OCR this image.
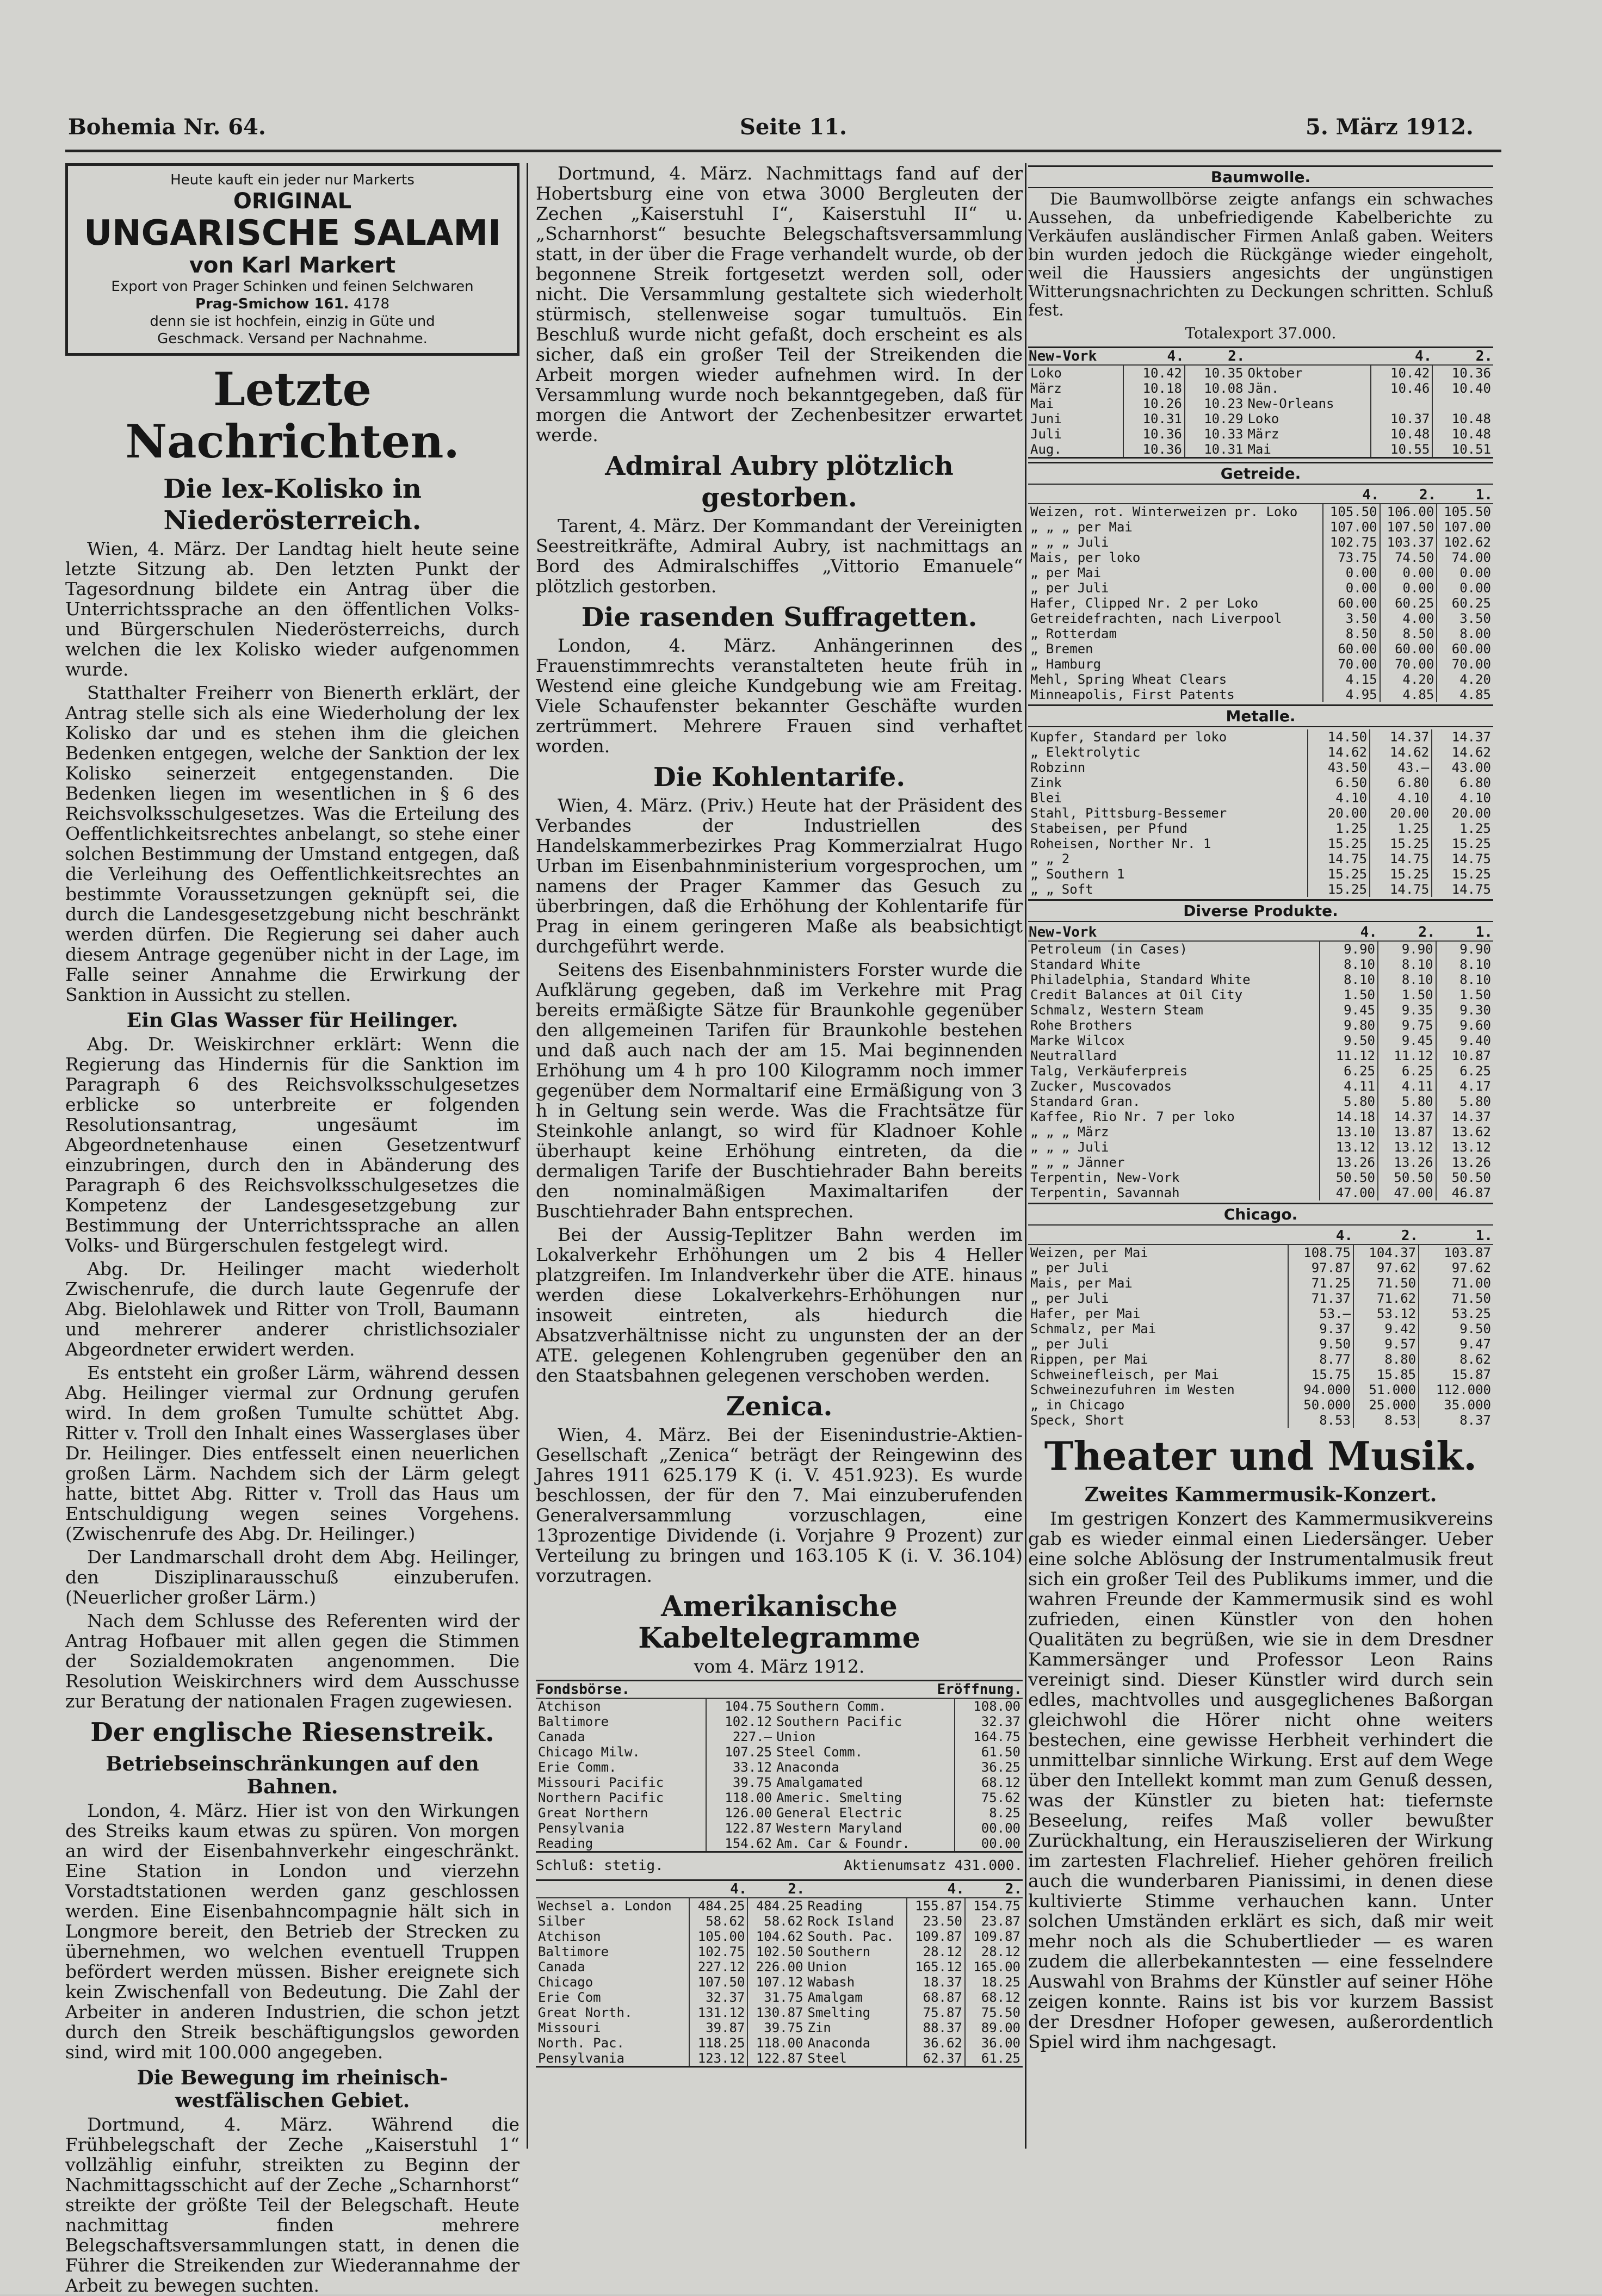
Bohemia Nr. 64.	Seite 11.	5. März 1912.
Heute kauft ein jeder nur Markerts
ORIGINAL
UNGARISCHE SALAMI
von Karl Markert
Export von Prager Schinken und feinen Selchwaren
Prag-Smichow 161. 4178
denn sie ist hochfein, einzig in Güte und
Geschmack. Versand per Nachnahme.
Letzte Nachrichten.
Die lex-Kolisko in Niederösterreich.

Wien, 4. März. Der Landtag hielt heute seine letzte Sitzung ab. Den letzten Punkt der Tagesordnung bildete ein Antrag über die Unterrichtssprache an den öffentlichen Volks- und Bürgerschulen Niederösterreichs, durch welchen die lex Kolisko wieder aufgenommen wurde.

Statthalter Freiherr von Bienerth erklärt, der Antrag stelle sich als eine Wiederholung der lex Kolisko dar und es stehen ihm die gleichen Bedenken entgegen, welche der Sanktion der lex Kolisko seinerzeit entgegenstanden. Die Bedenken liegen im wesentlichen in § 6 des Reichsvolksschulgesetzes. Was die Erteilung des Oeffentlichkeitsrechtes anbelangt, so stehe einer solchen Bestimmung der Umstand entgegen, daß die Verleihung des Oeffentlichkeitsrechtes an bestimmte Voraussetzungen geknüpft sei, die durch die Landesgesetzgebung nicht beschränkt werden dürfen. Die Regierung sei daher auch diesem Antrage gegenüber nicht in der Lage, im Falle seiner Annahme die Erwirkung der Sanktion in Aussicht zu stellen.

Ein Glas Wasser für Heilinger.

Abg. Dr. Weiskirchner erklärt: Wenn die Regierung das Hindernis für die Sanktion im Paragraph 6 des Reichsvolksschulgesetzes erblicke so unterbreite er folgenden Resolutionsantrag, ungesäumt im Abgeordnetenhause einen Gesetzentwurf einzubringen, durch den in Abänderung des Paragraph 6 des Reichsvolksschulgesetzes die Kompetenz der Landesgesetzgebung zur Bestimmung der Unterrichtssprache an allen Volks- und Bürgerschulen festgelegt wird.

Abg. Dr. Heilinger macht wiederholt Zwischenrufe, die durch laute Gegenrufe der Abg. Bielohlawek und Ritter von Troll, Baumann und mehrerer anderer christlichsozialer Abgeordneter erwidert werden.

Es entsteht ein großer Lärm, während dessen Abg. Heilinger viermal zur Ordnung gerufen wird. In dem großen Tumulte schüttet Abg. Ritter v. Troll den Inhalt eines Wasserglases über Dr. Heilinger. Dies entfesselt einen neuerlichen großen Lärm. Nachdem sich der Lärm gelegt hatte, bittet Abg. Ritter v. Troll das Haus um Entschuldigung wegen seines Vorgehens. (Zwischenrufe des Abg. Dr. Heilinger.)

Der Landmarschall droht dem Abg. Heilinger, den Disziplinarausschuß einzuberufen. (Neuerlicher großer Lärm.)

Nach dem Schlusse des Referenten wird der Antrag Hofbauer mit allen gegen die Stimmen der Sozialdemokraten angenommen. Die Resolution Weiskirchners wird dem Ausschusse zur Beratung der nationalen Fragen zugewiesen.

Der englische Riesenstreik.
Betriebseinschränkungen auf den Bahnen.

London, 4. März. Hier ist von den Wirkungen des Streiks kaum etwas zu spüren. Von morgen an wird der Eisenbahnverkehr eingeschränkt. Eine Station in London und vierzehn Vorstadtstationen werden ganz geschlossen werden. Eine Eisenbahncompagnie hält sich in Longmore bereit, den Betrieb der Strecken zu übernehmen, wo welchen eventuell Truppen befördert werden müssen. Bisher ereignete sich kein Zwischenfall von Bedeutung. Die Zahl der Arbeiter in anderen Industrien, die schon jetzt durch den Streik beschäftigungslos geworden sind, wird mit 100.000 angegeben.

Die Bewegung im rheinisch-westfälischen Gebiet.

Dortmund, 4. März. Während die Frühbelegschaft der Zeche „Kaiserstuhl 1“ vollzählig einfuhr, streikten zu Beginn der Nachmittagsschicht auf der Zeche „Scharnhorst“ streikte der größte Teil der Belegschaft. Heute nachmittag finden mehrere Belegschaftsversammlungen statt, in denen die Führer die Streikenden zur Wiederannahme der Arbeit zu bewegen suchten.

Dortmund, 4. März. Nachmittags fand auf der Hobertsburg eine von etwa 3000 Bergleuten der Zechen „Kaiserstuhl I“, Kaiserstuhl II“ u. „Scharnhorst“ besuchte Belegschaftsversammlung statt, in der über die Frage verhandelt wurde, ob der begonnene Streik fortgesetzt werden soll, oder nicht. Die Versammlung gestaltete sich wiederholt stürmisch, stellenweise sogar tumultuös. Ein Beschluß wurde nicht gefaßt, doch erscheint es als sicher, daß ein großer Teil der Streikenden die Arbeit morgen wieder aufnehmen wird. In der Versammlung wurde noch bekanntgegeben, daß für morgen die Antwort der Zechenbesitzer erwartet werde.

Admiral Aubry plötzlich gestorben.

Tarent, 4. März. Der Kommandant der Vereinigten Seestreitkräfte, Admiral Aubry, ist nachmittags an Bord des Admiralschiffes „Vittorio Emanuele“ plötzlich gestorben.

Die rasenden Suffragetten.

London, 4. März. Anhängerinnen des Frauenstimmrechts veranstalteten heute früh in Westend eine gleiche Kundgebung wie am Freitag. Viele Schaufenster bekannter Geschäfte wurden zertrümmert. Mehrere Frauen sind verhaftet worden.

Die Kohlentarife.

Wien, 4. März. (Priv.) Heute hat der Präsident des Verbandes der Industriellen des Handelskammerbezirkes Prag Kommerzialrat Hugo Urban im Eisenbahnministerium vorgesprochen, um namens der Prager Kammer das Gesuch zu überbringen, daß die Erhöhung der Kohlentarife für Prag in einem geringeren Maße als beabsichtigt durchgeführt werde.

Seitens des Eisenbahnministers Forster wurde die Aufklärung gegeben, daß im Verkehre mit Prag bereits ermäßigte Sätze für Braunkohle gegenüber den allgemeinen Tarifen für Braunkohle bestehen und daß auch nach der am 15. Mai beginnenden Erhöhung um 4 h pro 100 Kilogramm noch immer gegenüber dem Normaltarif eine Ermäßigung von 3 h in Geltung sein werde. Was die Frachtsätze für Steinkohle anlangt, so wird für Kladnoer Kohle überhaupt keine Erhöhung eintreten, da die dermaligen Tarife der Buschtiehrader Bahn bereits den nominalmäßigen Maximaltarifen der Buschtiehrader Bahn entsprechen.

Bei der Aussig-Teplitzer Bahn werden im Lokalverkehr Erhöhungen um 2 bis 4 Heller platzgreifen. Im Inlandverkehr über die ATE. hinaus werden diese Lokalverkehrs-Erhöhungen nur insoweit eintreten, als hiedurch die Absatzverhältnisse nicht zu ungunsten der an der ATE. gelegenen Kohlengruben gegenüber den an den Staatsbahnen gelegenen verschoben werden.

Zenica.

Wien, 4. März. Bei der Eisenindustrie-Aktien-Gesellschaft „Zenica“ beträgt der Reingewinn des Jahres 1911 625.179 K (i. V. 451.923). Es wurde beschlossen, der für den 7. Mai einzuberufenden Generalversammlung vorzuschlagen, eine 13prozentige Dividende (i. Vorjahre 9 Prozent) zur Verteilung zu bringen und 163.105 K (i. V. 36.104) vorzutragen.

Amerikanische Kabeltelegramme
vom 4. März 1912.
Fondsbörse.		Eröffnung.	
Atchison	104.75	Southern Comm.	108.00
Baltimore	102.12	Southern Pacific	32.37
Canada	227.—	Union	164.75
Chicago Milw.	107.25	Steel Comm.	61.50
Erie Comm.	33.12	Anaconda	36.25
Missouri Pacific	39.75	Amalgamated	68.12
Northern Pacific	118.00	Americ. Smelting	75.62
Great Northern	126.00	General Electric	8.25
Pensylvania	122.87	Western Maryland	00.00
Reading	154.62	Am. Car & Foundr.	00.00
Schluß: stetig.	Aktienumsatz 431.000.
	4.	2.		4.	2.
Wechsel a. London	484.25	484.25	Reading	155.87	154.75
Silber	58.62	58.62	Rock Island	23.50	23.87
Atchison	105.00	104.62	South. Pac.	109.87	109.87
Baltimore	102.75	102.50	Southern	28.12	28.12
Canada	227.12	226.00	Union	165.12	165.00
Chicago	107.50	107.12	Wabash	18.37	18.25
Erie Com	32.37	31.75	Amalgam	68.87	68.12
Great North.	131.12	130.87	Smelting	75.87	75.50
Missouri	39.87	39.75	Zin	88.37	89.00
North. Pac.	118.25	118.00	Anaconda	36.62	36.00
Pensylvania	123.12	122.87	Steel	62.37	61.25
Baumwolle.

Die Baumwollbörse zeigte anfangs ein schwaches Aussehen, da unbefriedigende Kabelberichte zu Verkäufen ausländischer Firmen Anlaß gaben. Weiters bin wurden jedoch die Rückgänge wieder eingeholt, weil die Haussiers angesichts der ungünstigen Witterungsnachrichten zu Deckungen schritten. Schluß fest.

Totalexport 37.000.
New-Vork	4.	2.		4.	2.
Loko	10.42	10.35	Oktober	10.42	10.36
März	10.18	10.08	Jän.	10.46	10.40
Mai	10.26	10.23	New-Orleans		
Juni	10.31	10.29	Loko	10.37	10.48
Juli	10.36	10.33	März	10.48	10.48
Aug.	10.36	10.31	Mai	10.55	10.51
Getreide.
	4.	2.	1.
Weizen, rot. Winterweizen pr. Loko	105.50	106.00	105.50
„ „ „ per Mai	107.00	107.50	107.00
„ „ „ Juli	102.75	103.37	102.62
Mais, per loko	73.75	74.50	74.00
„ per Mai	0.00	0.00	0.00
„ per Juli	0.00	0.00	0.00
Hafer, Clipped Nr. 2 per Loko	60.00	60.25	60.25
Getreidefrachten, nach Liverpool	3.50	4.00	3.50
„ Rotterdam	8.50	8.50	8.00
„ Bremen	60.00	60.00	60.00
„ Hamburg	70.00	70.00	70.00
Mehl, Spring Wheat Clears	4.15	4.20	4.20
Minneapolis, First Patents	4.95	4.85	4.85
Metalle.
Kupfer, Standard per loko	14.50	14.37	14.37
„ Elektrolytic	14.62	14.62	14.62
Robzinn	43.50	43.—	43.00
Zink	6.50	6.80	6.80
Blei	4.10	4.10	4.10
Stahl, Pittsburg-Bessemer	20.00	20.00	20.00
Stabeisen, per Pfund	1.25	1.25	1.25
Roheisen, Norther Nr. 1	15.25	15.25	15.25
„ „ 2	14.75	14.75	14.75
„ Southern 1	15.25	15.25	15.25
„ „ Soft	15.25	14.75	14.75
Diverse Produkte.
New-Vork	4.	2.	1.
Petroleum (in Cases)	9.90	9.90	9.90
Standard White	8.10	8.10	8.10
Philadelphia, Standard White	8.10	8.10	8.10
Credit Balances at Oil City	1.50	1.50	1.50
Schmalz, Western Steam	9.45	9.35	9.30
Rohe Brothers	9.80	9.75	9.60
Marke Wilcox	9.50	9.45	9.40
Neutrallard	11.12	11.12	10.87
Talg, Verkäuferpreis	6.25	6.25	6.25
Zucker, Muscovados	4.11	4.11	4.17
Standard Gran.	5.80	5.80	5.80
Kaffee, Rio Nr. 7 per loko	14.18	14.37	14.37
„ „ „ März	13.10	13.87	13.62
„ „ „ Juli	13.12	13.12	13.12
„ „ „ Jänner	13.26	13.26	13.26
Terpentin, New-Vork	50.50	50.50	50.50
Terpentin, Savannah	47.00	47.00	46.87
Chicago.
	4.	2.	1.
Weizen, per Mai	108.75	104.37	103.87
„ per Juli	97.87	97.62	97.62
Mais, per Mai	71.25	71.50	71.00
„ per Juli	71.37	71.62	71.50
Hafer, per Mai	53.—	53.12	53.25
Schmalz, per Mai	9.37	9.42	9.50
„ per Juli	9.50	9.57	9.47
Rippen, per Mai	8.77	8.80	8.62
Schweinefleisch, per Mai	15.75	15.85	15.87
Schweinezufuhren im Westen	94.000	51.000	112.000
„ in Chicago	50.000	25.000	35.000
Speck, Short	8.53	8.53	8.37
Theater und Musik.
Zweites Kammermusik-Konzert.

Im gestrigen Konzert des Kammermusikvereins gab es wieder einmal einen Liedersänger. Ueber eine solche Ablösung der Instrumentalmusik freut sich ein großer Teil des Publikums immer, und die wahren Freunde der Kammermusik sind es wohl zufrieden, einen Künstler von den hohen Qualitäten zu begrüßen, wie sie in dem Dresdner Kammersänger und Professor Leon Rains vereinigt sind. Dieser Künstler wird durch sein edles, machtvolles und ausgeglichenes Baßorgan gleichwohl die Hörer nicht ohne weiters bestechen, eine gewisse Herbheit verhindert die unmittelbar sinnliche Wirkung. Erst auf dem Wege über den Intellekt kommt man zum Genuß dessen, was der Künstler zu bieten hat: tiefernste Beseelung, reifes Maß voller bewußter Zurückhaltung, ein Herausziselieren der Wirkung im zartesten Flachrelief. Hieher gehören freilich auch die wunderbaren Pianissimi, in denen diese kultivierte Stimme verhauchen kann. Unter solchen Umständen erklärt es sich, daß mir weit mehr noch als die Schubertlieder — es waren zudem die allerbekanntesten — eine fesselndere Auswahl von Brahms der Künstler auf seiner Höhe zeigen konnte. Rains ist bis vor kurzem Bassist der Dresdner Hofoper gewesen, außerordentlich Spiel wird ihm nachgesagt.
